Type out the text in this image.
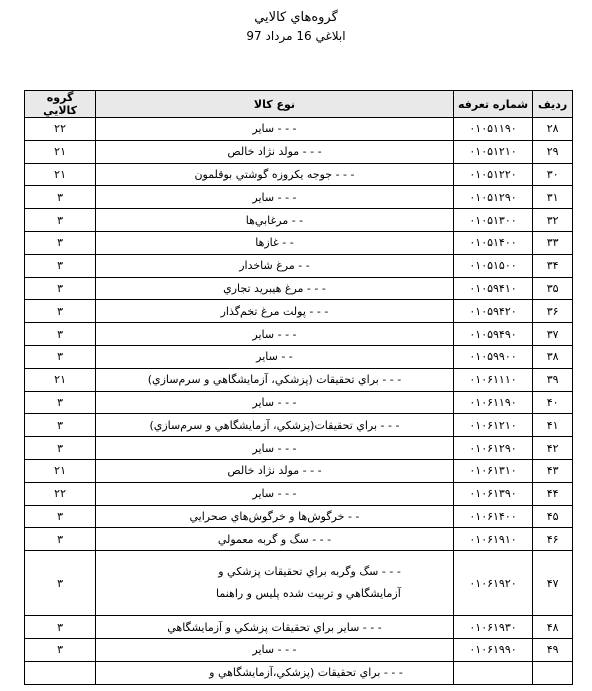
گروه‌هاي كالايي
ابلاغي 16 مرداد 97
رديف	شماره تعرفه	نوع كالا	گروه كالايي
۲۸	۰۱۰۵۱۱۹۰	- - - ساير	۲۲
۲۹	۰۱۰۵۱۲۱۰	- - - مولد نژاد خالص	۲۱
۳۰	۰۱۰۵۱۲۲۰	- - - جوجه يكروزه گوشتي بوقلمون	۲۱
۳۱	۰۱۰۵۱۲۹۰	- - - ساير	۳
۳۲	۰۱۰۵۱۳۰۰	- - مرغابي‌ها	۳
۳۳	۰۱۰۵۱۴۰۰	- - غازها	۳
۳۴	۰۱۰۵۱۵۰۰	- - مرغ شاخدار	۳
۳۵	۰۱۰۵۹۴۱۰	- - - مرغ هيبريد تجاري	۳
۳۶	۰۱۰۵۹۴۲۰	- - - پولت مرغ تخم‌گذار	۳
۳۷	۰۱۰۵۹۴۹۰	- - - ساير	۳
۳۸	۰۱۰۵۹۹۰۰	- - ساير	۳
۳۹	۰۱۰۶۱۱۱۰	- - - براي تحقيقات (پزشكي، آزمايشگاهي و سرم‌سازي)	۲۱
۴۰	۰۱۰۶۱۱۹۰	- - - ساير	۳
۴۱	۰۱۰۶۱۲۱۰	- - - براي تحقيقات(پزشكي، آزمايشگاهي و سرم‌سازي)	۳
۴۲	۰۱۰۶۱۲۹۰	- - - ساير	۳
۴۳	۰۱۰۶۱۳۱۰	- - - مولد نژاد خالص	۲۱
۴۴	۰۱۰۶۱۳۹۰	- - - ساير	۲۲
۴۵	۰۱۰۶۱۴۰۰	- - خرگوش‌ها و خرگوش‌هاي صحرايي	۳
۴۶	۰۱۰۶۱۹۱۰	- - - سگ و گربه معمولي	۳
۴۷	۰۱۰۶۱۹۲۰	- - - سگ وگربه براي تحقيقات پزشكي و
آزمايشگاهي و تربيت شده پليس و راهنما	۳
۴۸	۰۱۰۶۱۹۳۰	- - - ساير براي تحقيقات پزشكي و آزمايشگاهي	۳
۴۹	۰۱۰۶۱۹۹۰	- - - ساير	۳
		- - - براي تحقيقات (پزشكي،آزمايشگاهي و	
